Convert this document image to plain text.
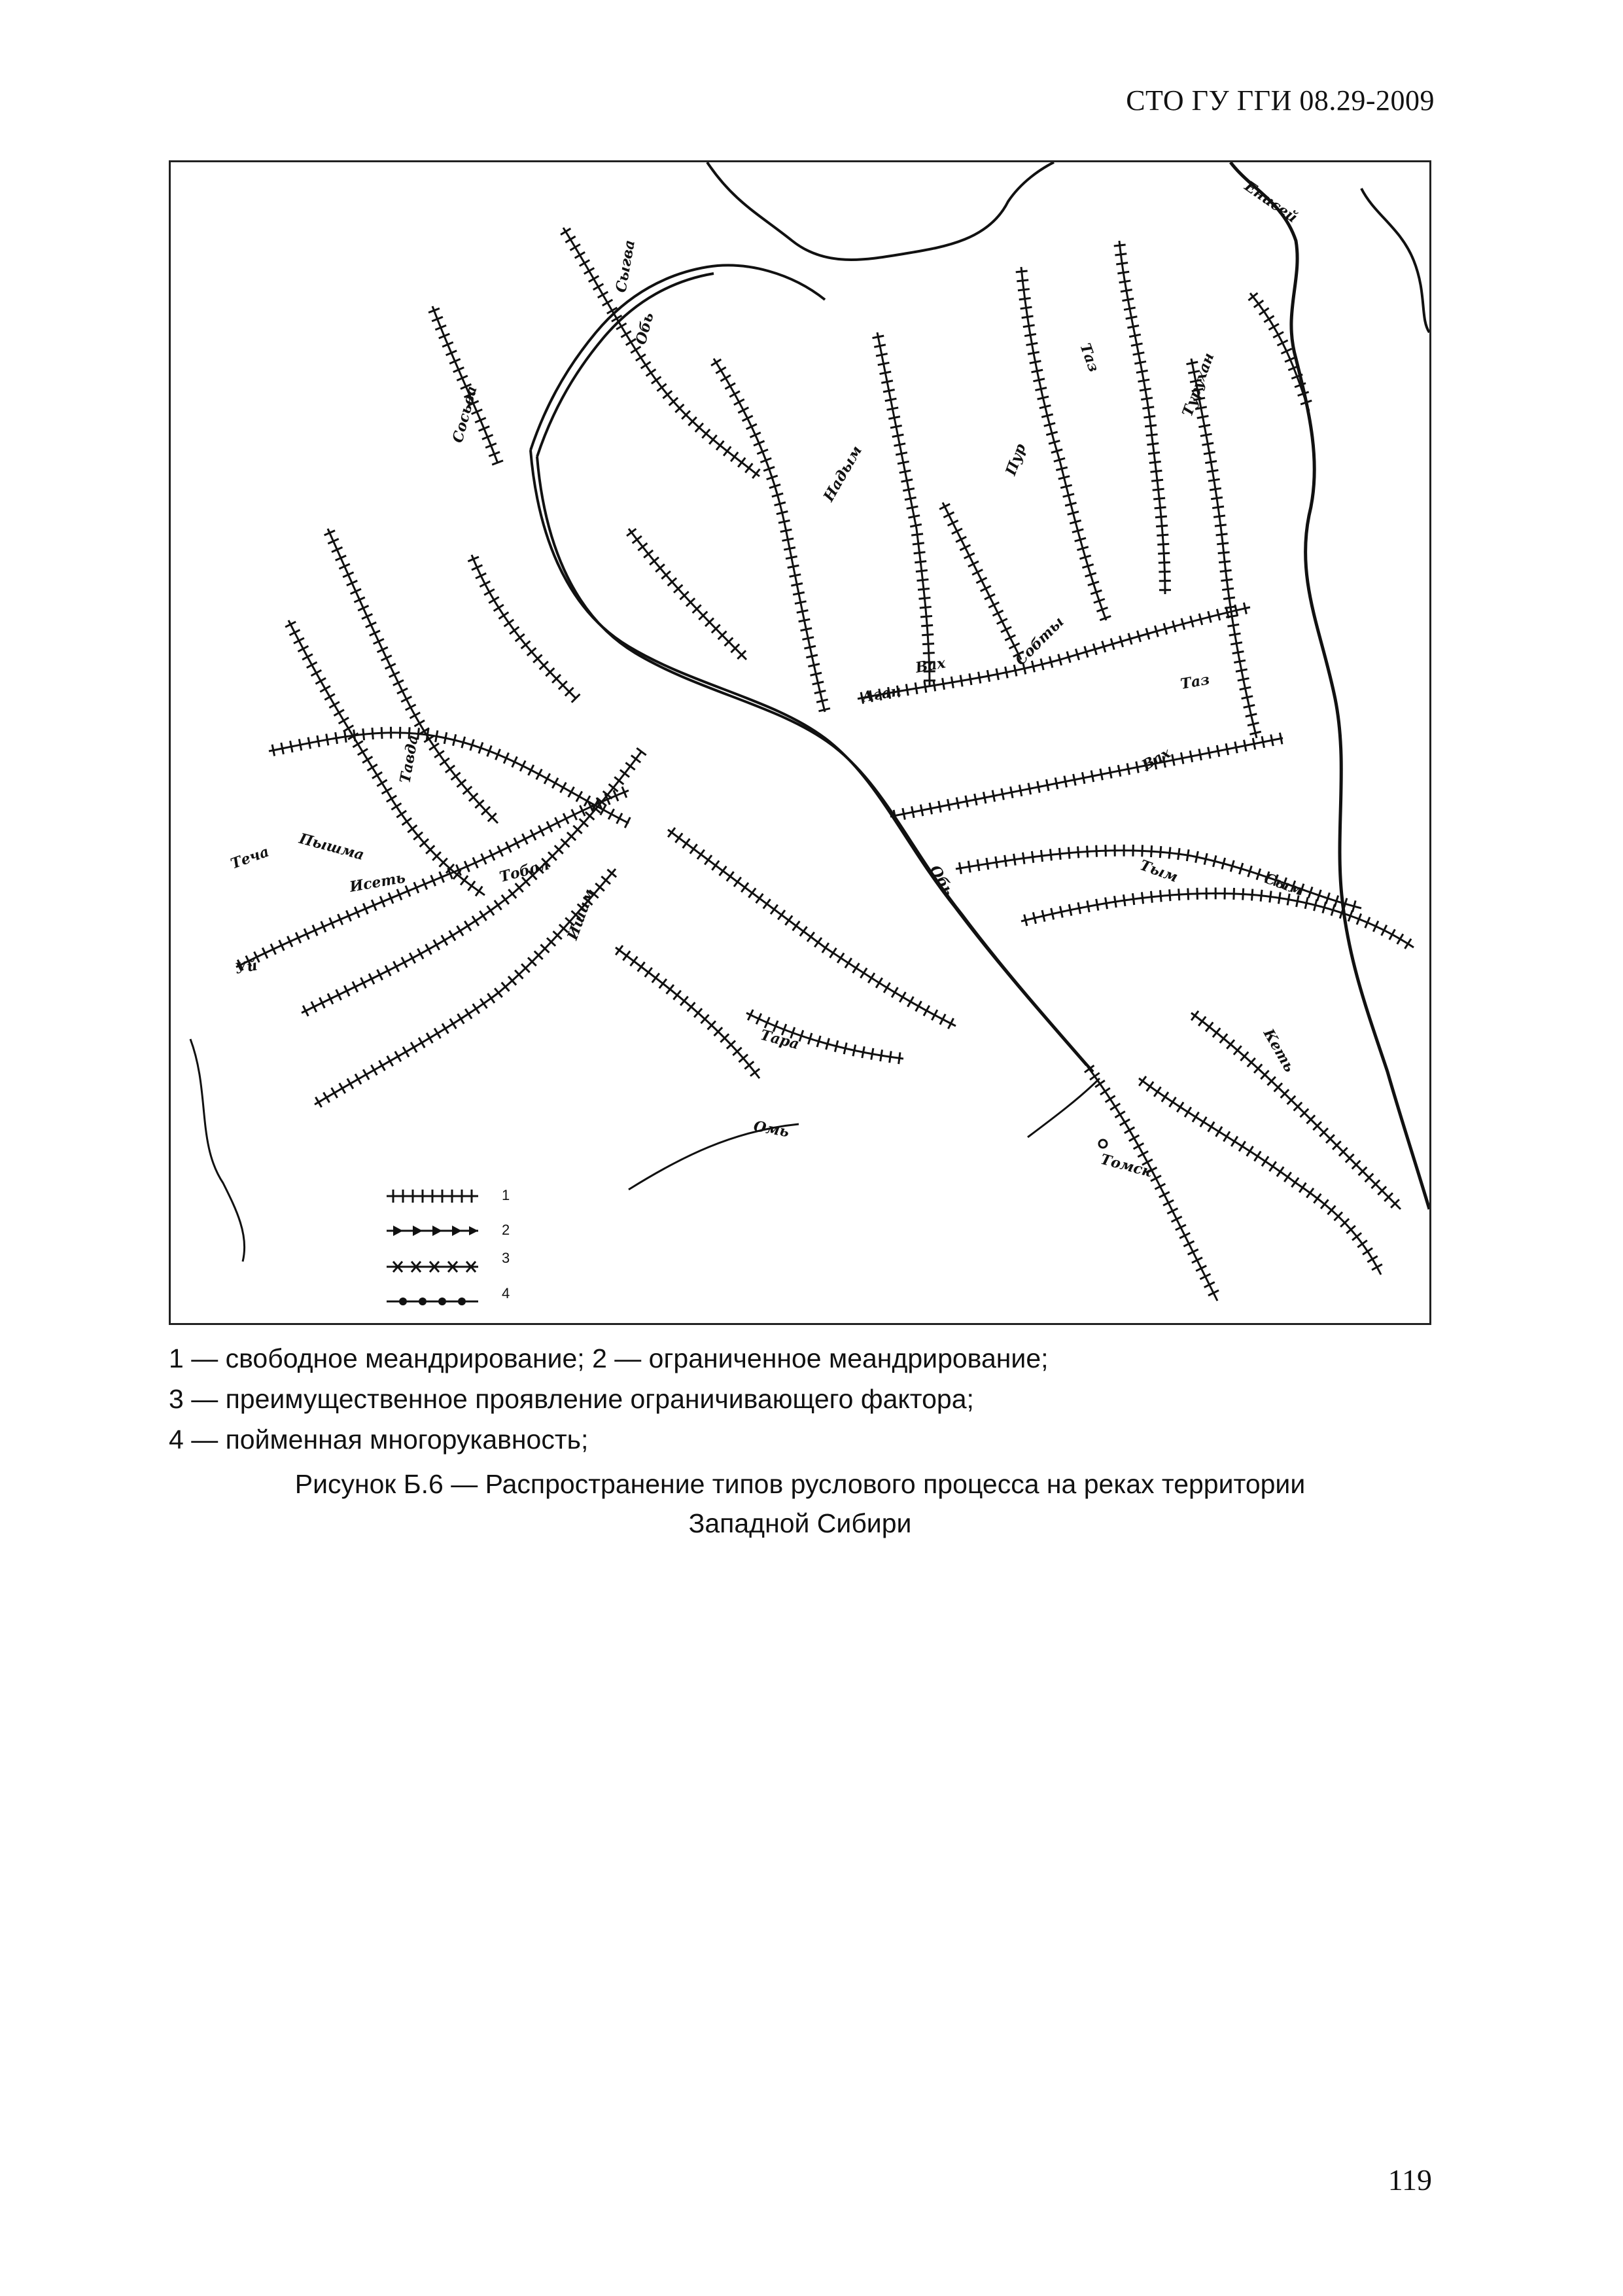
СТО ГУ ГГИ 08.29-2009
Енисей
Обь
Сыгва
Сосьва
Таз	Турухан
Надым	Пур
Тавда
Аган
Вах	Собты
Таз
Вах
Пышма
Тобол
Теча
Исеть	Обь	Тым	Сым
Ишим
Уй
Тара	Кеть
Омь
Томск
1
2
3
4
1 — свободное меандрирование; 2 — ограниченное меандрирование;
3 — преимущественное проявление ограничивающего фактора;
4 — пойменная многорукавность;
Рисунок Б.6 — Распространение типов руслового процесса на реках территории
Западной Сибири
119
